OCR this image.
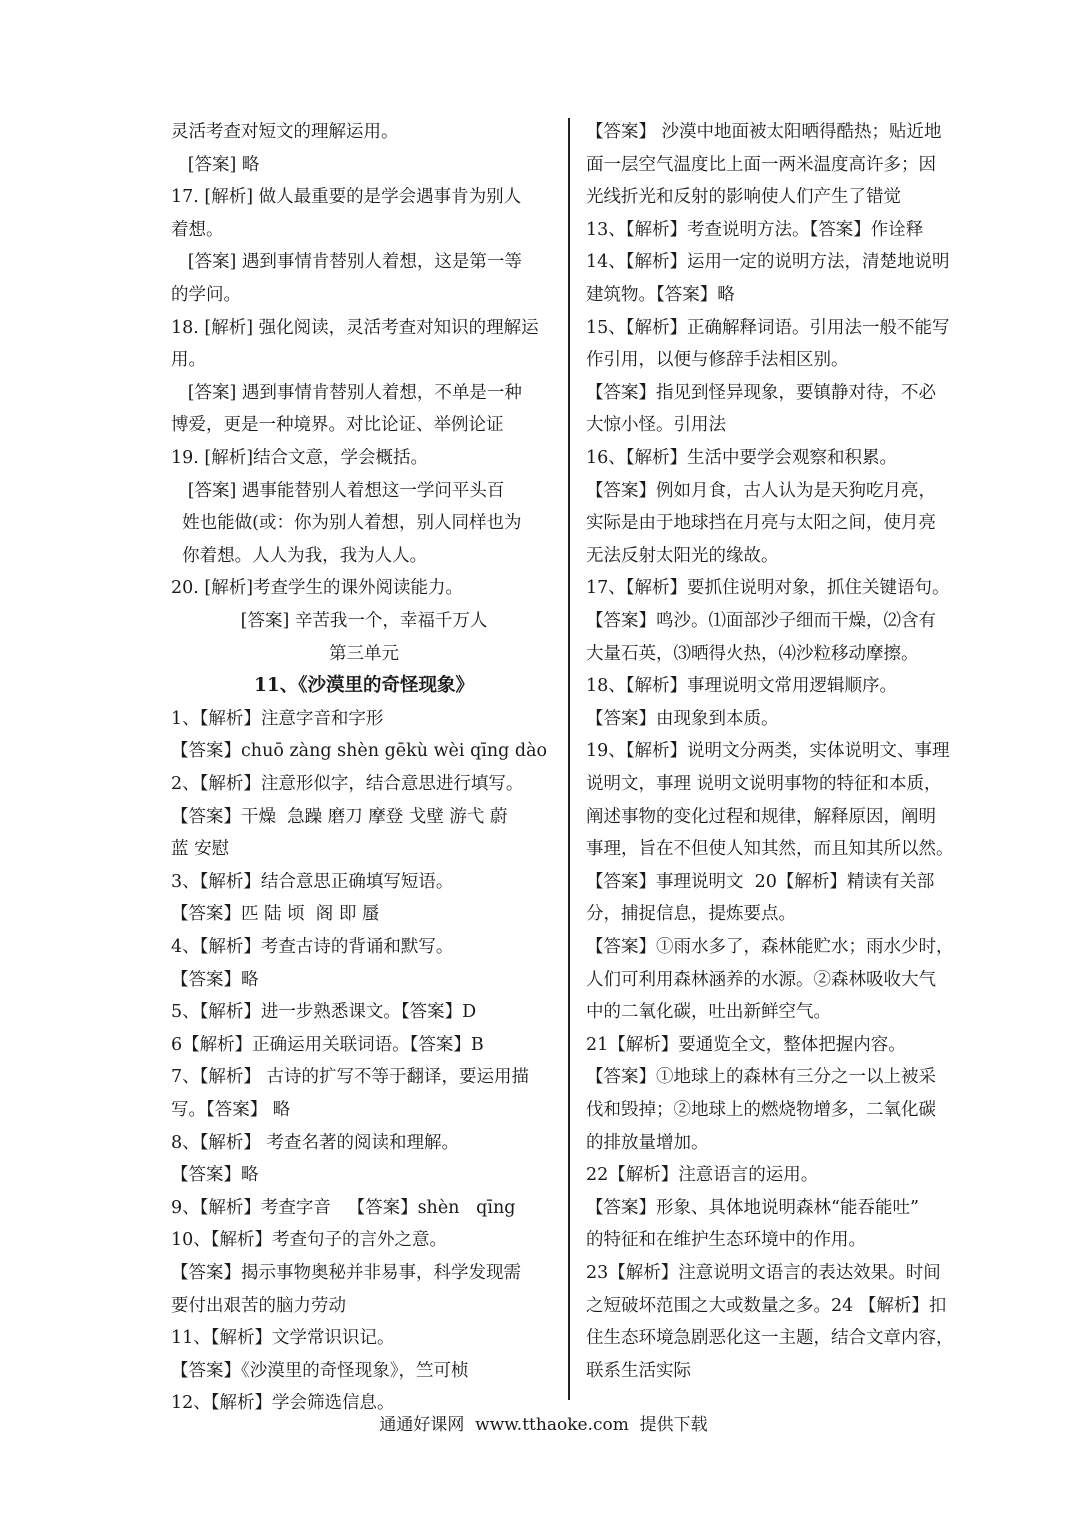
灵活考查对短文的理解运用。
[答案] 略
17. [解析] 做人最重要的是学会遇事肯为别人
着想。
[答案] 遇到事情肯替别人着想，这是第一等
的学问。
18. [解析] 强化阅读，灵活考查对知识的理解运
用。
[答案] 遇到事情肯替别人着想，不单是一种
博爱，更是一种境界。对比论证、举例论证
19. [解析]结合文意，学会概括。
[答案] 遇事能替别人着想这一学问平头百
姓也能做(或：你为别人着想，别人同样也为
你着想。人人为我，我为人人。
20. [解析]考查学生的课外阅读能力。
[答案] 辛苦我一个，幸福千万人
第三单元
11、《沙漠里的奇怪现象》
1、【解析】注意字音和字形
【答案】chuō zàng shèn gēkù wèi qīng dào
2、【解析】注意形似字，结合意思进行填写。
【答案】干燥  急躁 磨刀 摩登 戈壁 游弋 蔚
蓝 安慰
3、【解析】结合意思正确填写短语。
【答案】匹 陆 顷  阁 即 蜃
4、【解析】考查古诗的背诵和默写。
【答案】略
5、【解析】进一步熟悉课文。【答案】D
6【解析】正确运用关联词语。【答案】B
7、【解析】 古诗的扩写不等于翻译，要运用描
写。【答案】 略
8、【解析】 考查名著的阅读和理解。
【答案】略
9、【解析】考查字音   【答案】shèn   qīng
10、【解析】考查句子的言外之意。
【答案】揭示事物奥秘并非易事，科学发现需
要付出艰苦的脑力劳动
11、【解析】文学常识识记。
【答案】《沙漠里的奇怪现象》，竺可桢
12、【解析】学会筛选信息。
【答案】 沙漠中地面被太阳晒得酷热；贴近地
面一层空气温度比上面一两米温度高许多；因
光线折光和反射的影响使人们产生了错觉
13、【解析】考查说明方法。【答案】作诠释
14、【解析】运用一定的说明方法，清楚地说明
建筑物。【答案】略
15、【解析】正确解释词语。引用法一般不能写
作引用，以便与修辞手法相区别。
【答案】指见到怪异现象，要镇静对待，不必
大惊小怪。引用法
16、【解析】生活中要学会观察和积累。
【答案】例如月食，古人认为是天狗吃月亮，
实际是由于地球挡在月亮与太阳之间，使月亮
无法反射太阳光的缘故。
17、【解析】要抓住说明对象，抓住关键语句。
【答案】鸣沙。⑴面部沙子细而干燥，⑵含有
大量石英，⑶晒得火热，⑷沙粒移动摩擦。
18、【解析】事理说明文常用逻辑顺序。
【答案】由现象到本质。
19、【解析】说明文分两类，实体说明文、事理
说明文，事理 说明文说明事物的特征和本质，
阐述事物的变化过程和规律，解释原因，阐明
事理，旨在不但使人知其然，而且知其所以然。
【答案】事理说明文  20【解析】精读有关部
分，捕捉信息，提炼要点。
【答案】①雨水多了，森林能贮水；雨水少时，
人们可利用森林涵养的水源。②森林吸收大气
中的二氧化碳，吐出新鲜空气。
21【解析】要通览全文，整体把握内容。
【答案】①地球上的森林有三分之一以上被采
伐和毁掉；②地球上的燃烧物增多，二氧化碳
的排放量增加。
22【解析】注意语言的运用。
【答案】形象、具体地说明森林“能吞能吐”
的特征和在维护生态环境中的作用。
23【解析】注意说明文语言的表达效果。时间
之短破坏范围之大或数量之多。24 【解析】扣
住生态环境急剧恶化这一主题，结合文章内容，
联系生活实际
通通好课网  www.tthaoke.com  提供下载
